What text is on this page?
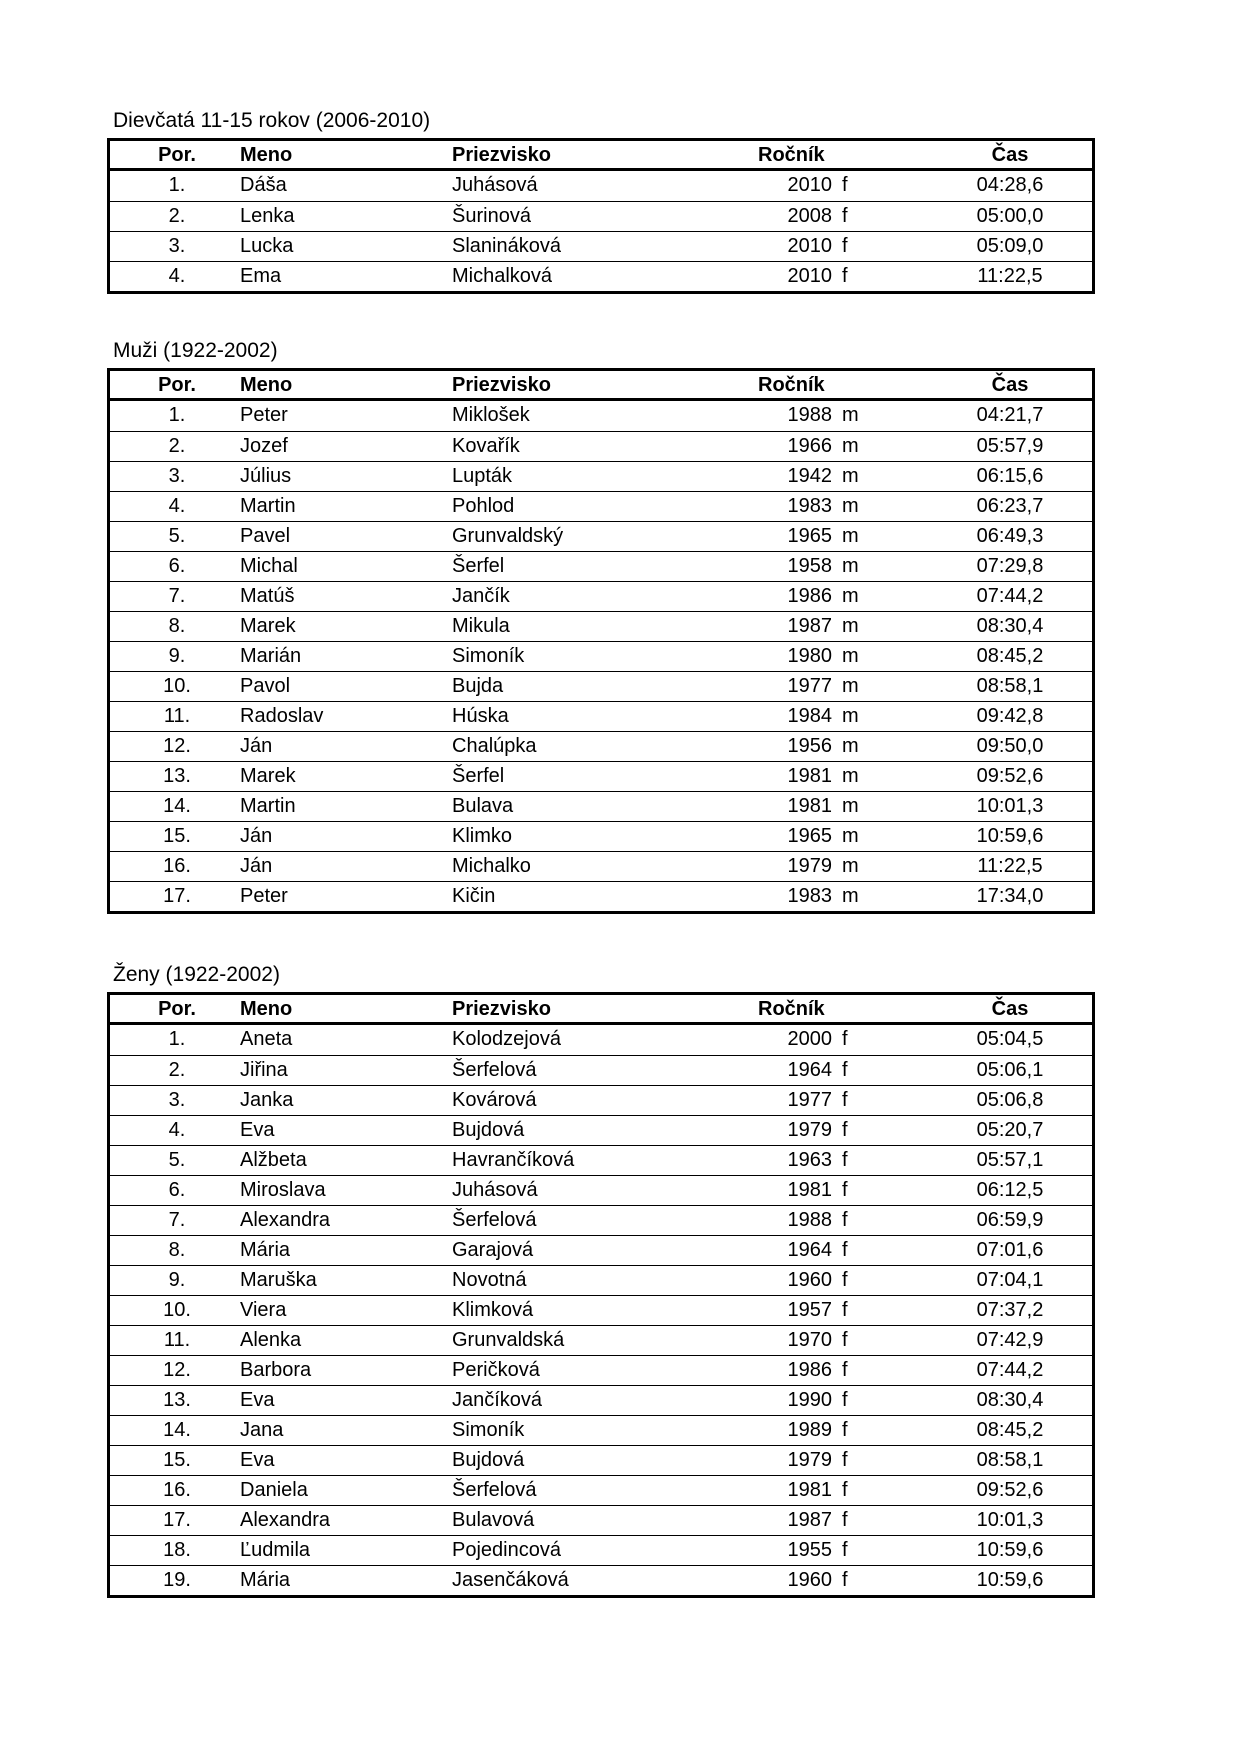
Dievčatá 11-15 rokov (2006-2010)
Por.	Meno	Priezvisko	Ročník	Čas
1.	Dáša	Juhásová	2010 f	04:28,6
2.	Lenka	Šurinová	2008 f	05:00,0
3.	Lucka	Slanináková	2010 f	05:09,0
4.	Ema	Michalková	2010 f	11:22,5
Muži (1922-2002)
Por.	Meno	Priezvisko	Ročník	Čas
1.	Peter	Miklošek	1988 m	04:21,7
2.	Jozef	Kovařík	1966 m	05:57,9
3.	Július	Lupták	1942 m	06:15,6
4.	Martin	Pohlod	1983 m	06:23,7
5.	Pavel	Grunvaldský	1965 m	06:49,3
6.	Michal	Šerfel	1958 m	07:29,8
7.	Matúš	Jančík	1986 m	07:44,2
8.	Marek	Mikula	1987 m	08:30,4
9.	Marián	Simoník	1980 m	08:45,2
10.	Pavol	Bujda	1977 m	08:58,1
11.	Radoslav	Húska	1984 m	09:42,8
12.	Ján	Chalúpka	1956 m	09:50,0
13.	Marek	Šerfel	1981 m	09:52,6
14.	Martin	Bulava	1981 m	10:01,3
15.	Ján	Klimko	1965 m	10:59,6
16.	Ján	Michalko	1979 m	11:22,5
17.	Peter	Kičin	1983 m	17:34,0
Ženy (1922-2002)
Por.	Meno	Priezvisko	Ročník	Čas
1.	Aneta	Kolodzejová	2000 f	05:04,5
2.	Jiřina	Šerfelová	1964 f	05:06,1
3.	Janka	Kovárová	1977 f	05:06,8
4.	Eva	Bujdová	1979 f	05:20,7
5.	Alžbeta	Havrančíková	1963 f	05:57,1
6.	Miroslava	Juhásová	1981 f	06:12,5
7.	Alexandra	Šerfelová	1988 f	06:59,9
8.	Mária	Garajová	1964 f	07:01,6
9.	Maruška	Novotná	1960 f	07:04,1
10.	Viera	Klimková	1957 f	07:37,2
11.	Alenka	Grunvaldská	1970 f	07:42,9
12.	Barbora	Peričková	1986 f	07:44,2
13.	Eva	Jančíková	1990 f	08:30,4
14.	Jana	Simoník	1989 f	08:45,2
15.	Eva	Bujdová	1979 f	08:58,1
16.	Daniela	Šerfelová	1981 f	09:52,6
17.	Alexandra	Bulavová	1987 f	10:01,3
18.	Ľudmila	Pojedincová	1955 f	10:59,6
19.	Mária	Jasenčáková	1960 f	10:59,6
